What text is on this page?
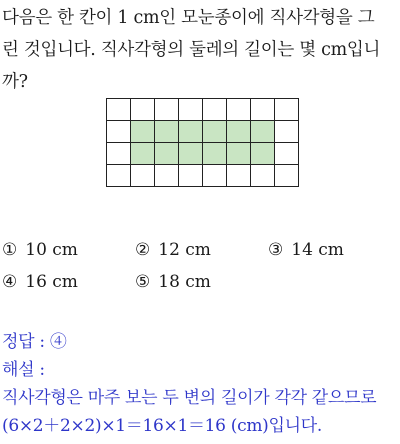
다음은 한 칸이 1 cm인 모눈종이에 직사각형을 그
린 것입니다. 직사각형의 둘레의 길이는 몇 cm입니
까?
① 10 cm	② 12 cm	③ 14 cm
④ 16 cm	⑤ 18 cm
정답 : ④
해설 :
직사각형은 마주 보는 두 변의 길이가 각각 같으므로
(6×2＋2×2)×1＝16×1＝16 (cm)입니다.
